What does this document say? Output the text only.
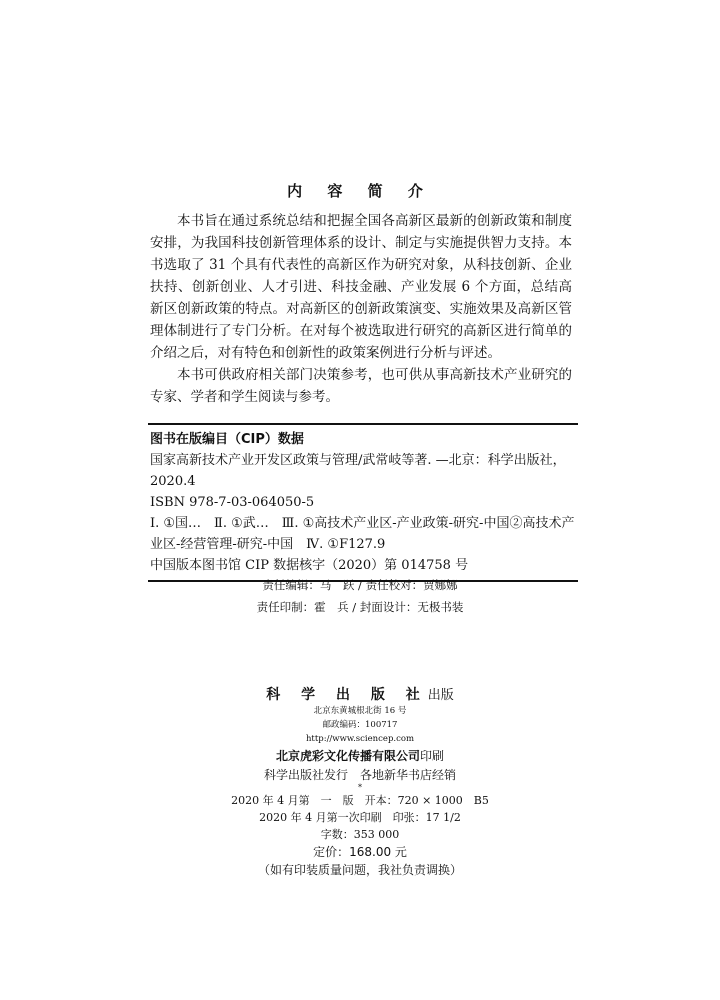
内 容 简 介

本书旨在通过系统总结和把握全国各高新区最新的创新政策和制度安排，为我国科技创新管理体系的设计、制定与实施提供智力支持。本书选取了 31 个具有代表性的高新区作为研究对象，从科技创新、企业扶持、创新创业、人才引进、科技金融、产业发展 6 个方面，总结高新区创新政策的特点。对高新区的创新政策演变、实施效果及高新区管理体制进行了专门分析。在对每个被选取进行研究的高新区进行简单的介绍之后，对有特色和创新性的政策案例进行分析与评述。

本书可供政府相关部门决策参考，也可供从事高新技术产业研究的专家、学者和学生阅读与参考。

图书在版编目（CIP）数据

国家高新技术产业开发区政策与管理/武常岐等著. —北京：科学出版社，2020.4

ISBN 978-7-03-064050-5

Ⅰ. ①国…　Ⅱ. ①武…　Ⅲ. ①高技术产业区-产业政策-研究-中国②高技术产业区-经营管理-研究-中国　Ⅳ. ①F127.9

中国版本图书馆 CIP 数据核字（2020）第 014758 号

责任编辑：马　跃 / 责任校对：贾娜娜
责任印制：霍　兵 / 封面设计：无极书装
科 学 出 版 社出版
北京东黄城根北街 16 号
邮政编码：100717
http://www.sciencep.com
北京虎彩文化传播有限公司印刷
科学出版社发行　各地新华书店经销
*
2020 年 4 月第　一　版　开本：720 × 1000　B5
2020 年 4 月第一次印刷　印张：17 1/2
字数：353 000
定价：168.00 元
（如有印装质量问题，我社负责调换）
